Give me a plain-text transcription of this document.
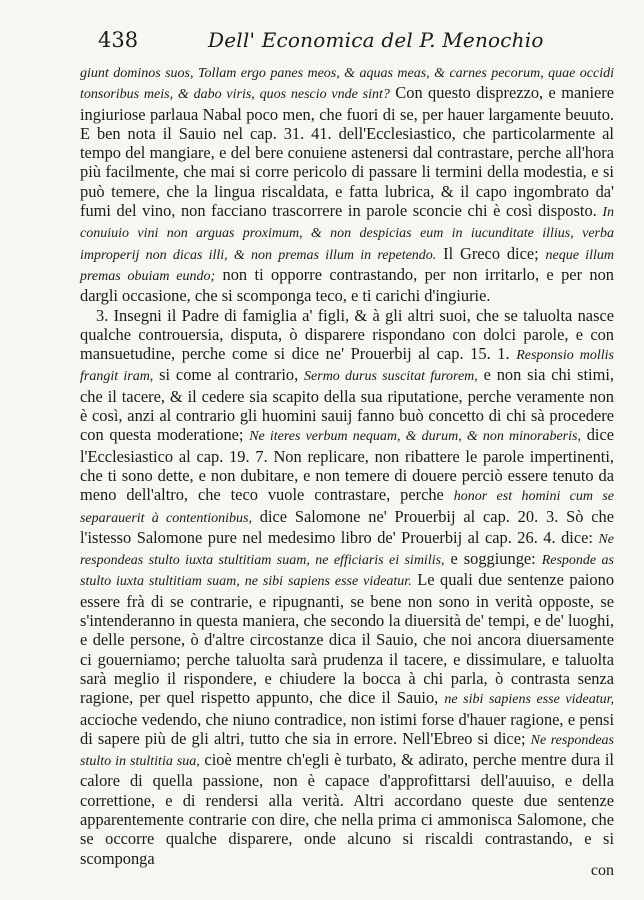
438	Dell' Economica del P. Menochio

giunt dominos suos, Tollam ergo panes meos, & aquas meas, & carnes pecorum, quae occidi tonsoribus meis, & dabo viris, quos nescio vnde sint? Con questo disprezzo, e maniere ingiuriose parlaua Nabal poco men, che fuori di se, per hauer largamente beuuto. E ben nota il Sauio nel cap. 31. 41. dell'Ecclesiastico, che particolarmente al tempo del mangiare, e del bere conuiene astenersi dal contrastare, perche all'hora più facilmente, che mai si corre pericolo di passare li termini della modestia, e si può temere, che la lingua riscaldata, e fatta lubrica, & il capo ingombrato da' fumi del vino, non facciano trascorrere in parole sconcie chi è così disposto. In conuiuio vini non arguas proximum, & non despicias eum in iucunditate illius, verba improperij non dicas illi, & non premas illum in repetendo. Il Greco dice; neque illum premas obuiam eundo; non ti opporre contrastando, per non irritarlo, e per non dargli occasione, che si scomponga teco, e ti carichi d'ingiurie.

3. Insegni il Padre di famiglia a' figli, & à gli altri suoi, che se taluolta nasce qualche controuersia, disputa, ò disparere rispondano con dolci parole, e con mansuetudine, perche come si dice ne' Prouerbij al cap. 15. 1. Responsio mollis frangit iram, si come al contrario, Sermo durus suscitat furorem, e non sia chi stimi, che il tacere, & il cedere sia scapito della sua riputatione, perche veramente non è così, anzi al contrario gli huomini sauij fanno buò concetto di chi sà procedere con questa moderatione; Ne iteres verbum nequam, & durum, & non minoraberis, dice l'Ecclesiastico al cap. 19. 7. Non replicare, non ribattere le parole impertinenti, che ti sono dette, e non dubitare, e non temere di douere perciò essere tenuto da meno dell'altro, che teco vuole contrastare, perche honor est homini cum se separauerit à contentionibus, dice Salomone ne' Prouerbij al cap. 20. 3. Sò che l'istesso Salomone pure nel medesimo libro de' Prouerbij al cap. 26. 4. dice: Ne respondeas stulto iuxta stultitiam suam, ne efficiaris ei similis, e soggiunge: Responde as stulto iuxta stultitiam suam, ne sibi sapiens esse videatur. Le quali due sentenze paiono essere frà di se contrarie, e ripugnanti, se bene non sono in verità opposte, se s'intenderanno in questa maniera, che secondo la diuersità de' tempi, e de' luoghi, e delle persone, ò d'altre circostanze dica il Sauio, che noi ancora diuersamente ci gouerniamo; perche taluolta sarà prudenza il tacere, e dissimulare, e taluolta sarà meglio il rispondere, e chiudere la bocca à chi parla, ò contrasta senza ragione, per quel rispetto appunto, che dice il Sauio, ne sibi sapiens esse videatur, accioche vedendo, che niuno contradice, non istimi forse d'hauer ragione, e pensi di sapere più de gli altri, tutto che sia in errore. Nell'Ebreo si dice; Ne respondeas stulto in stultitia sua, cioè mentre ch'egli è turbato, & adirato, perche mentre dura il calore di quella passione, non è capace d'approfittarsi dell'auuiso, e della correttione, e di rendersi alla verità. Altri accordano queste due sentenze apparentemente contrarie con dire, che nella prima ci ammonisca Salomone, che se occorre qualche disparere, onde alcuno si riscaldi contrastando, e si scomponga

con
